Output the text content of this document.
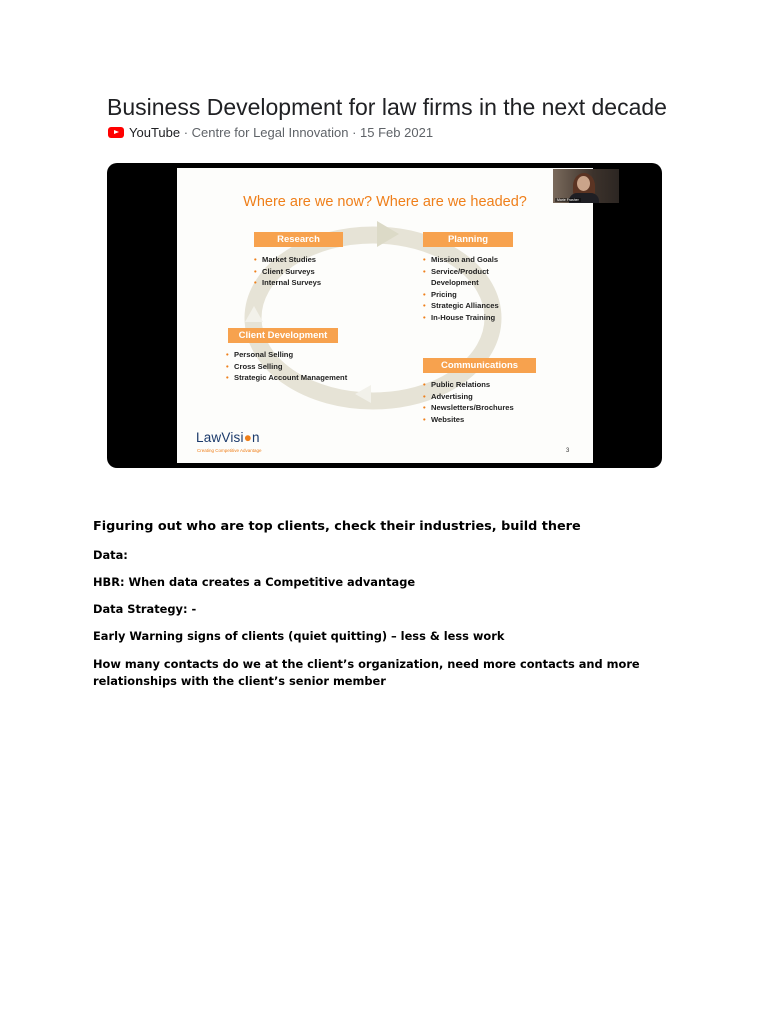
Business Development for law firms in the next decade
YouTube · Centre for Legal Innovation · 15 Feb 2021
Where are we now? Where are we headed?
Research
• Market Studies
• Client Surveys
• Internal Surveys
Planning
• Mission and Goals
• Service/Product Development
• Pricing
• Strategic Alliances
• In-House Training
Client Development
• Personal Selling
• Cross Selling
• Strategic Account Management
Communications
• Public Relations
• Advertising
• Newsletters/Brochures
• Websites
LawVisi●n
Creating Competitive Advantage	3
Marie Frasher
Figuring out who are top clients, check their industries, build there
Data:
HBR: When data creates a Competitive advantage
Data Strategy: -
Early Warning signs of clients (quiet quitting) – less & less work
How many contacts do we at the client’s organization, need more contacts and more relationships with the client’s senior member
